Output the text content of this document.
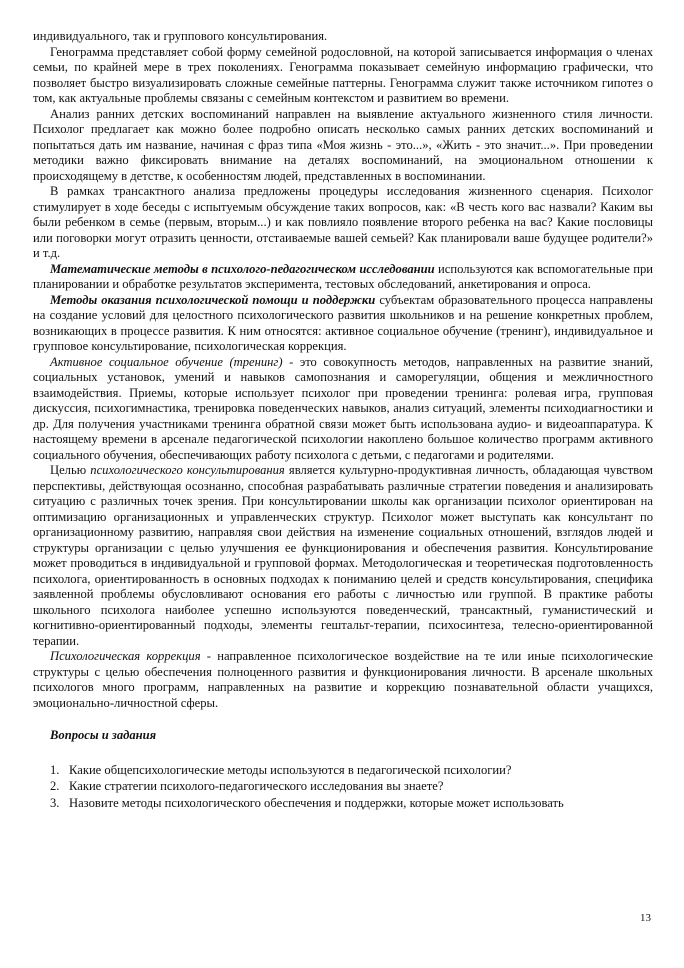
индивидуального, так и группового консультирования.

Генограмма представляет собой форму семейной родословной, на которой записывается информация о членах семьи, по крайней мере в трех поколениях. Генограмма показывает семейную информацию графически, что позволяет быстро визуализировать сложные семейные паттерны. Генограмма служит также источником гипотез о том, как актуальные проблемы связаны с семейным контекстом и развитием во времени.

Анализ ранних детских воспоминаний направлен на выявление актуального жизненного стиля личности. Психолог предлагает как можно более подробно описать несколько самых ранних детских воспоминаний и попытаться дать им название, начиная с фраз типа «Моя жизнь - это...», «Жить - это значит...». При проведении методики важно фиксировать внимание на деталях воспоминаний, на эмоциональном отношении к происходящему в детстве, к особенностям людей, представленных в воспоминании.

В рамках трансактного анализа предложены процедуры исследования жизненного сценария. Психолог стимулирует в ходе беседы с испытуемым обсуждение таких вопросов, как: «В честь кого вас назвали? Каким вы были ребенком в семье (первым, вторым...) и как повлияло появление второго ребенка на вас? Какие пословицы или поговорки могут отразить ценности, отстаиваемые вашей семьей? Как планировали ваше будущее родители?» и т.д.

Математические методы в психолого-педагогическом исследовании используются как вспомогательные при планировании и обработке результатов эксперимента, тестовых обследований, анкетирования и опроса.

Методы оказания психологической помощи и поддержки субъектам образовательного процесса направлены на создание условий для целостного психологического развития школьников и на решение конкретных проблем, возникающих в процессе развития. К ним относятся: активное социальное обучение (тренинг), индивидуальное и групповое консультирование, психологическая коррекция.

Активное социальное обучение (тренинг) - это совокупность методов, направленных на развитие знаний, социальных установок, умений и навыков самопознания и саморегуляции, общения и межличностного взаимодействия. Приемы, которые использует психолог при проведении тренинга: ролевая игра, групповая дискуссия, психогимнастика, тренировка поведенческих навыков, анализ ситуаций, элементы психодиагностики и др. Для получения участниками тренинга обратной связи может быть использована аудио- и видеоаппаратура. К настоящему времени в арсенале педагогической психологии накоплено большое количество программ активного социального обучения, обеспечивающих работу психолога с детьми, с педагогами и родителями.

Целью психологического консультирования является культурно-продуктивная личность, обладающая чувством перспективы, действующая осознанно, способная разрабатывать различные стратегии поведения и анализировать ситуацию с различных точек зрения. При консультировании школы как организации психолог ориентирован на оптимизацию организационных и управленческих структур. Психолог может выступать как консультант по организационному развитию, направляя свои действия на изменение социальных отношений, взглядов людей и структуры организации с целью улучшения ее функционирования и обеспечения развития. Консультирование может проводиться в индивидуальной и групповой формах. Методологическая и теоретическая подготовленность психолога, ориентированность в основных подходах к пониманию целей и средств консультирования, специфика заявленной проблемы обусловливают основания его работы с личностью или группой. В практике работы школьного психолога наиболее успешно используются поведенческий, трансактный, гуманистический и когнитивно-ориентированный подходы, элементы гештальт-терапии, психосинтеза, телесно-ориентированной терапии.

Психологическая коррекция - направленное психологическое воздействие на те или иные психологические структуры с целью обеспечения полноценного развития и функционирования личности. В арсенале школьных психологов много программ, направленных на развитие и коррекцию познавательной области учащихся, эмоционально-личностной сферы.

Вопросы и задания
1. Какие общепсихологические методы используются в педагогической психологии?
2. Какие стратегии психолого-педагогического исследования вы знаете?
3. Назовите методы психологического обеспечения и поддержки, которые может использовать
13
